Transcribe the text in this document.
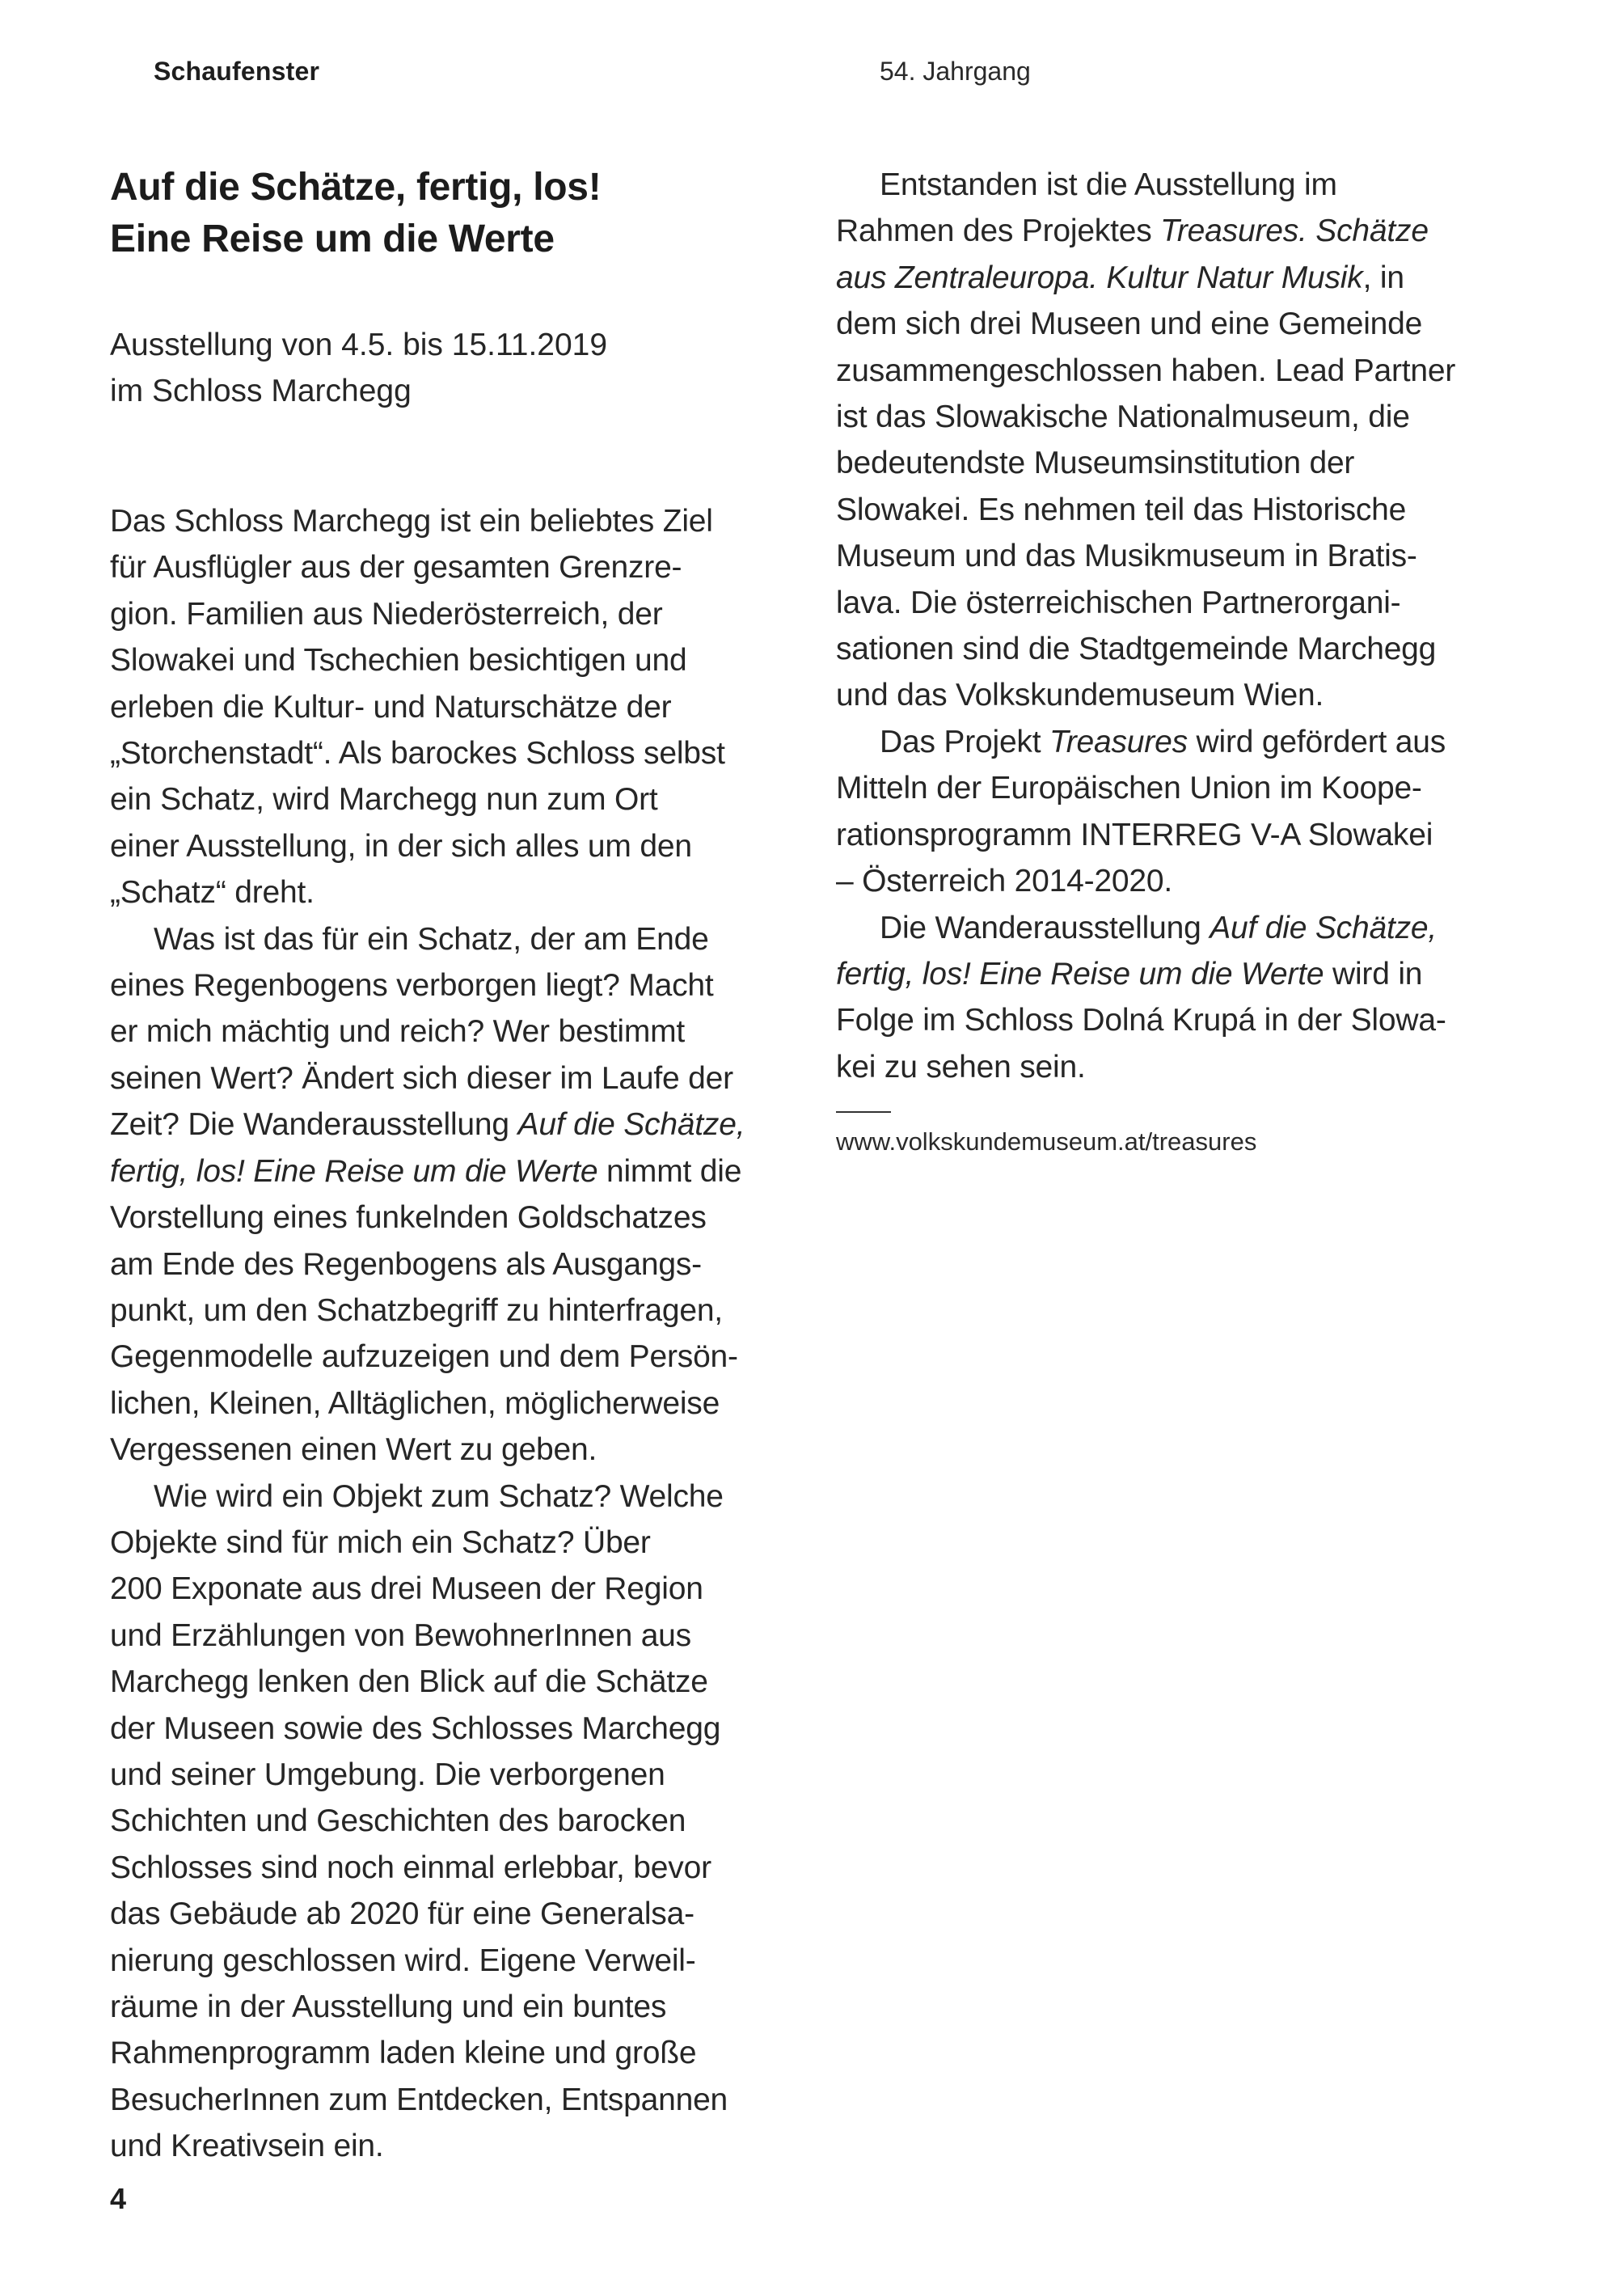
Schaufenster	54. Jahrgang
Auf die Schätze, fertig, los!
Eine Reise um die Werte

Ausstellung von 4.5. bis 15.11.2019
im Schloss Marchegg

Das Schloss Marchegg ist ein beliebtes Ziel
für Ausflügler aus der gesamten Grenzre-
gion. Familien aus Niederösterreich, der
Slowakei und Tschechien besichtigen und
erleben die Kultur- und Naturschätze der
„Storchenstadt“. Als barockes Schloss selbst
ein Schatz, wird Marchegg nun zum Ort
einer Ausstellung, in der sich alles um den
„Schatz“ dreht.
Was ist das für ein Schatz, der am Ende
eines Regenbogens verborgen liegt? Macht
er mich mächtig und reich? Wer bestimmt
seinen Wert? Ändert sich dieser im Laufe der
Zeit? Die Wanderausstellung Auf die Schätze,
fertig, los! Eine Reise um die Werte nimmt die
Vorstellung eines funkelnden Goldschatzes
am Ende des Regenbogens als Ausgangs-
punkt, um den Schatzbegriff zu hinterfragen,
Gegenmodelle aufzuzeigen und dem Persön-
lichen, Kleinen, Alltäglichen, möglicherweise
Vergessenen einen Wert zu geben.
Wie wird ein Objekt zum Schatz? Welche
Objekte sind für mich ein Schatz? Über
200 Exponate aus drei Museen der Region
und Erzählungen von BewohnerInnen aus
Marchegg lenken den Blick auf die Schätze
der Museen sowie des Schlosses Marchegg
und seiner Umgebung. Die verborgenen
Schichten und Geschichten des barocken
Schlosses sind noch einmal erlebbar, bevor
das Gebäude ab 2020 für eine Generalsa-
nierung geschlossen wird. Eigene Verweil-
räume in der Ausstellung und ein buntes
Rahmenprogramm laden kleine und große
BesucherInnen zum Entdecken, Entspannen
und Kreativsein ein.
Entstanden ist die Ausstellung im
Rahmen des Projektes Treasures. Schätze
aus Zentraleuropa. Kultur Natur Musik, in
dem sich drei Museen und eine Gemeinde
zusammengeschlossen haben. Lead Partner
ist das Slowakische Nationalmuseum, die
bedeutendste Museumsinstitution der
Slowakei. Es nehmen teil das Historische
Museum und das Musikmuseum in Bratis-
lava. Die österreichischen Partnerorgani-
sationen sind die Stadtgemeinde Marchegg
und das Volkskundemuseum Wien.
Das Projekt Treasures wird gefördert aus
Mitteln der Europäischen Union im Koope-
rationsprogramm INTERREG V-A Slowakei
– Österreich 2014-2020.
Die Wanderausstellung Auf die Schätze,
fertig, los! Eine Reise um die Werte wird in
Folge im Schloss Dolná Krupá in der Slowa-
kei zu sehen sein.
www.volkskundemuseum.at/treasures
4
